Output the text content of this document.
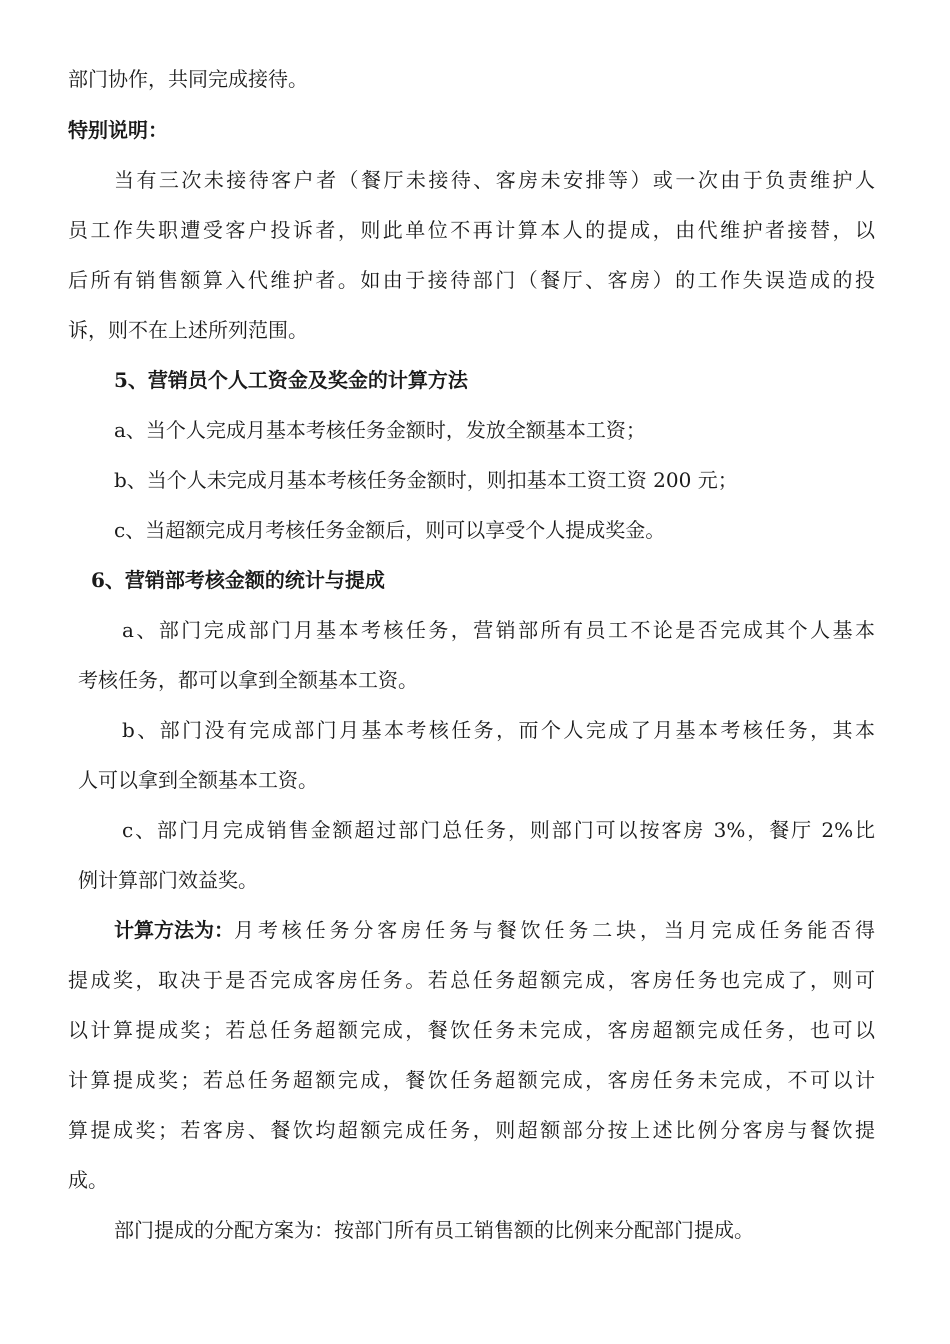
部门协作，共同完成接待。
特别说明：
当有三次未接待客户者（餐厅未接待、客房未安排等）或一次由于负责维护人
员工作失职遭受客户投诉者，则此单位不再计算本人的提成，由代维护者接替，以
后所有销售额算入代维护者。如由于接待部门（餐厅、客房）的工作失误造成的投
诉，则不在上述所列范围。
5、营销员个人工资金及奖金的计算方法
a、当个人完成月基本考核任务金额时，发放全额基本工资；
b、当个人未完成月基本考核任务金额时，则扣基本工资工资 200 元；
c、当超额完成月考核任务金额后，则可以享受个人提成奖金。
6、营销部考核金额的统计与提成
a、部门完成部门月基本考核任务，营销部所有员工不论是否完成其个人基本
考核任务，都可以拿到全额基本工资。
b、部门没有完成部门月基本考核任务，而个人完成了月基本考核任务，其本
人可以拿到全额基本工资。
c、部门月完成销售金额超过部门总任务，则部门可以按客房 3%，餐厅 2%比
例计算部门效益奖。
计算方法为： 月考核任务分客房任务与餐饮任务二块，当月完成任务能否得
提成奖，取决于是否完成客房任务。若总任务超额完成，客房任务也完成了，则可
以计算提成奖；若总任务超额完成，餐饮任务未完成，客房超额完成任务，也可以
计算提成奖；若总任务超额完成，餐饮任务超额完成，客房任务未完成，不可以计
算提成奖；若客房、餐饮均超额完成任务，则超额部分按上述比例分客房与餐饮提
成。
部门提成的分配方案为：按部门所有员工销售额的比例来分配部门提成。
